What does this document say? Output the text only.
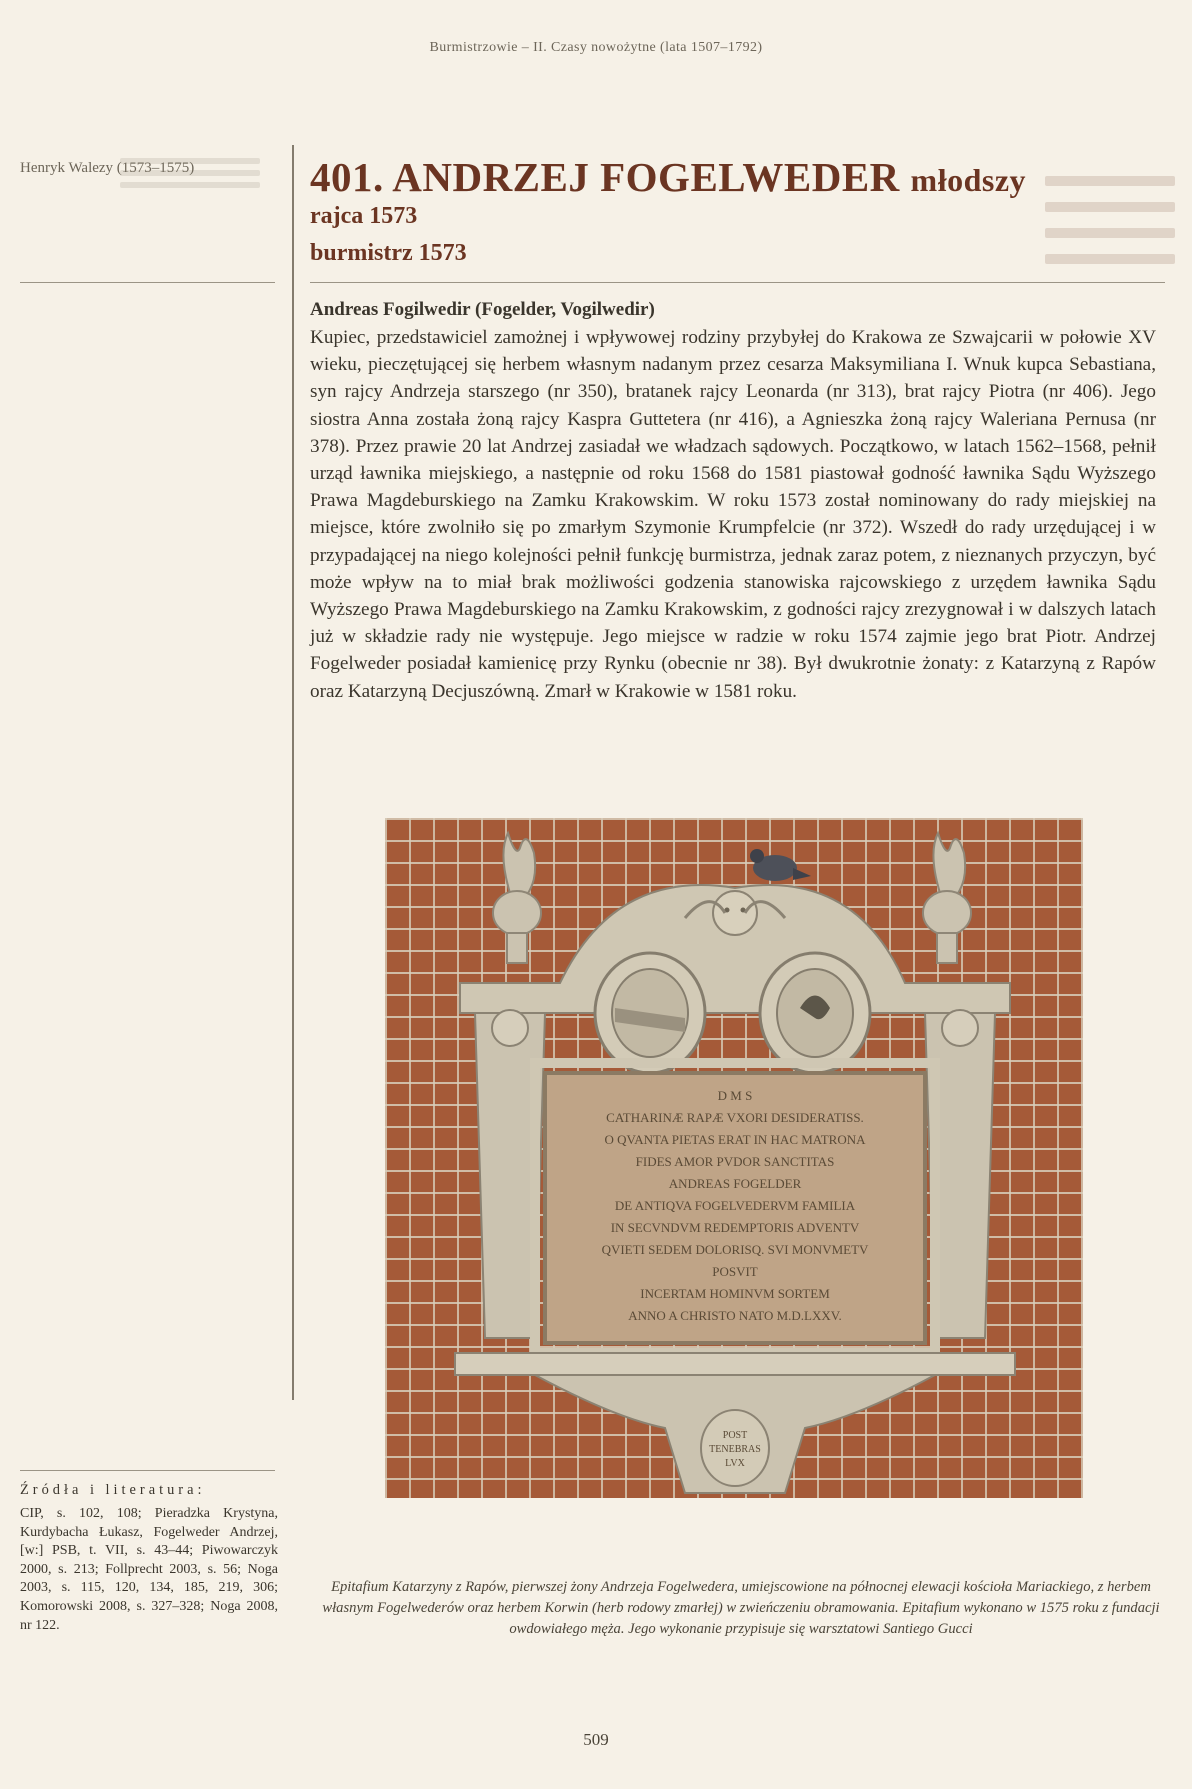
Burmistrzowie – II. Czasy nowożytne (lata 1507–1792)
Henryk Walezy (1573–1575)	401. ANDRZEJ FOGELWEDER młodszy
rajca 1573
burmistrz 1573
Andreas Fogilwedir (Fogelder, Vogilwedir)
Kupiec, przedstawiciel zamożnej i wpływowej rodziny przybyłej do Krakowa ze Szwajcarii w połowie XV wieku, pieczętującej się herbem własnym nadanym przez cesarza Maksymiliana I. Wnuk kupca Sebastiana, syn rajcy Andrzeja starszego (nr 350), bratanek rajcy Leonarda (nr 313), brat rajcy Piotra (nr 406). Jego siostra Anna została żoną rajcy Kaspra Guttetera (nr 416), a Agnieszka żoną rajcy Waleriana Pernusa (nr 378). Przez prawie 20 lat Andrzej zasiadał we władzach sądowych. Początkowo, w latach 1562–1568, pełnił urząd ławnika miejskiego, a następnie od roku 1568 do 1581 piastował godność ławnika Sądu Wyższego Prawa Magdeburskiego na Zamku Krakowskim. W roku 1573 został nominowany do rady miejskiej na miejsce, które zwolniło się po zmarłym Szymonie Krumpfelcie (nr 372). Wszedł do rady urzędującej i w przypadającej na niego kolejności pełnił funkcję burmistrza, jednak zaraz potem, z nieznanych przyczyn, być może wpływ na to miał brak możliwości godzenia stanowiska rajcowskiego z urzędem ławnika Sądu Wyższego Prawa Magdeburskiego na Zamku Krakowskim, z godności rajcy zrezygnował i w dalszych latach już w składzie rady nie występuje. Jego miejsce w radzie w roku 1574 zajmie jego brat Piotr. Andrzej Fogelweder posiadał kamienicę przy Rynku (obecnie nr 38). Był dwukrotnie żonaty: z Katarzyną z Rapów oraz Katarzyną Decjuszówną. Zmarł w Krakowie w 1581 roku.
D M S
CATHARINÆ RAPÆ VXORI DESIDERATISS.
O QVANTA PIETAS ERAT IN HAC MATRONA
FIDES AMOR PVDOR SANCTITAS
ANDREAS FOGELDER
DE ANTIQVA FOGELVEDERVM FAMILIA
IN SECVNDVM REDEMPTORIS ADVENTV
QVIETI SEDEM DOLORISQ. SVI MONVMETV
POSVIT
INCERTAM HOMINVM SORTEM
ANNO A CHRISTO NATO M.D.LXXV.
POST
TENEBRAS
LVX
Epitafium Katarzyny z Rapów, pierwszej żony Andrzeja Fogelwedera, umiejscowione na północnej elewacji kościoła Mariackiego, z herbem własnym Fogelwederów oraz herbem Korwin (herb rodowy zmarłej) w zwieńczeniu obramowania. Epitafium wykonano w 1575 roku z fundacji owdowiałego męża. Jego wykonanie przypisuje się warsztatowi Santiego Gucci
Źródła i literatura:
CIP, s. 102, 108; Pieradzka Krystyna, Kurdybacha Łukasz, Fogelweder Andrzej, [w:] PSB, t. VII, s. 43–44; Piwowarczyk 2000, s. 213; Follprecht 2003, s. 56; Noga 2003, s. 115, 120, 134, 185, 219, 306; Komorowski 2008, s. 327–328; Noga 2008, nr 122.
509
